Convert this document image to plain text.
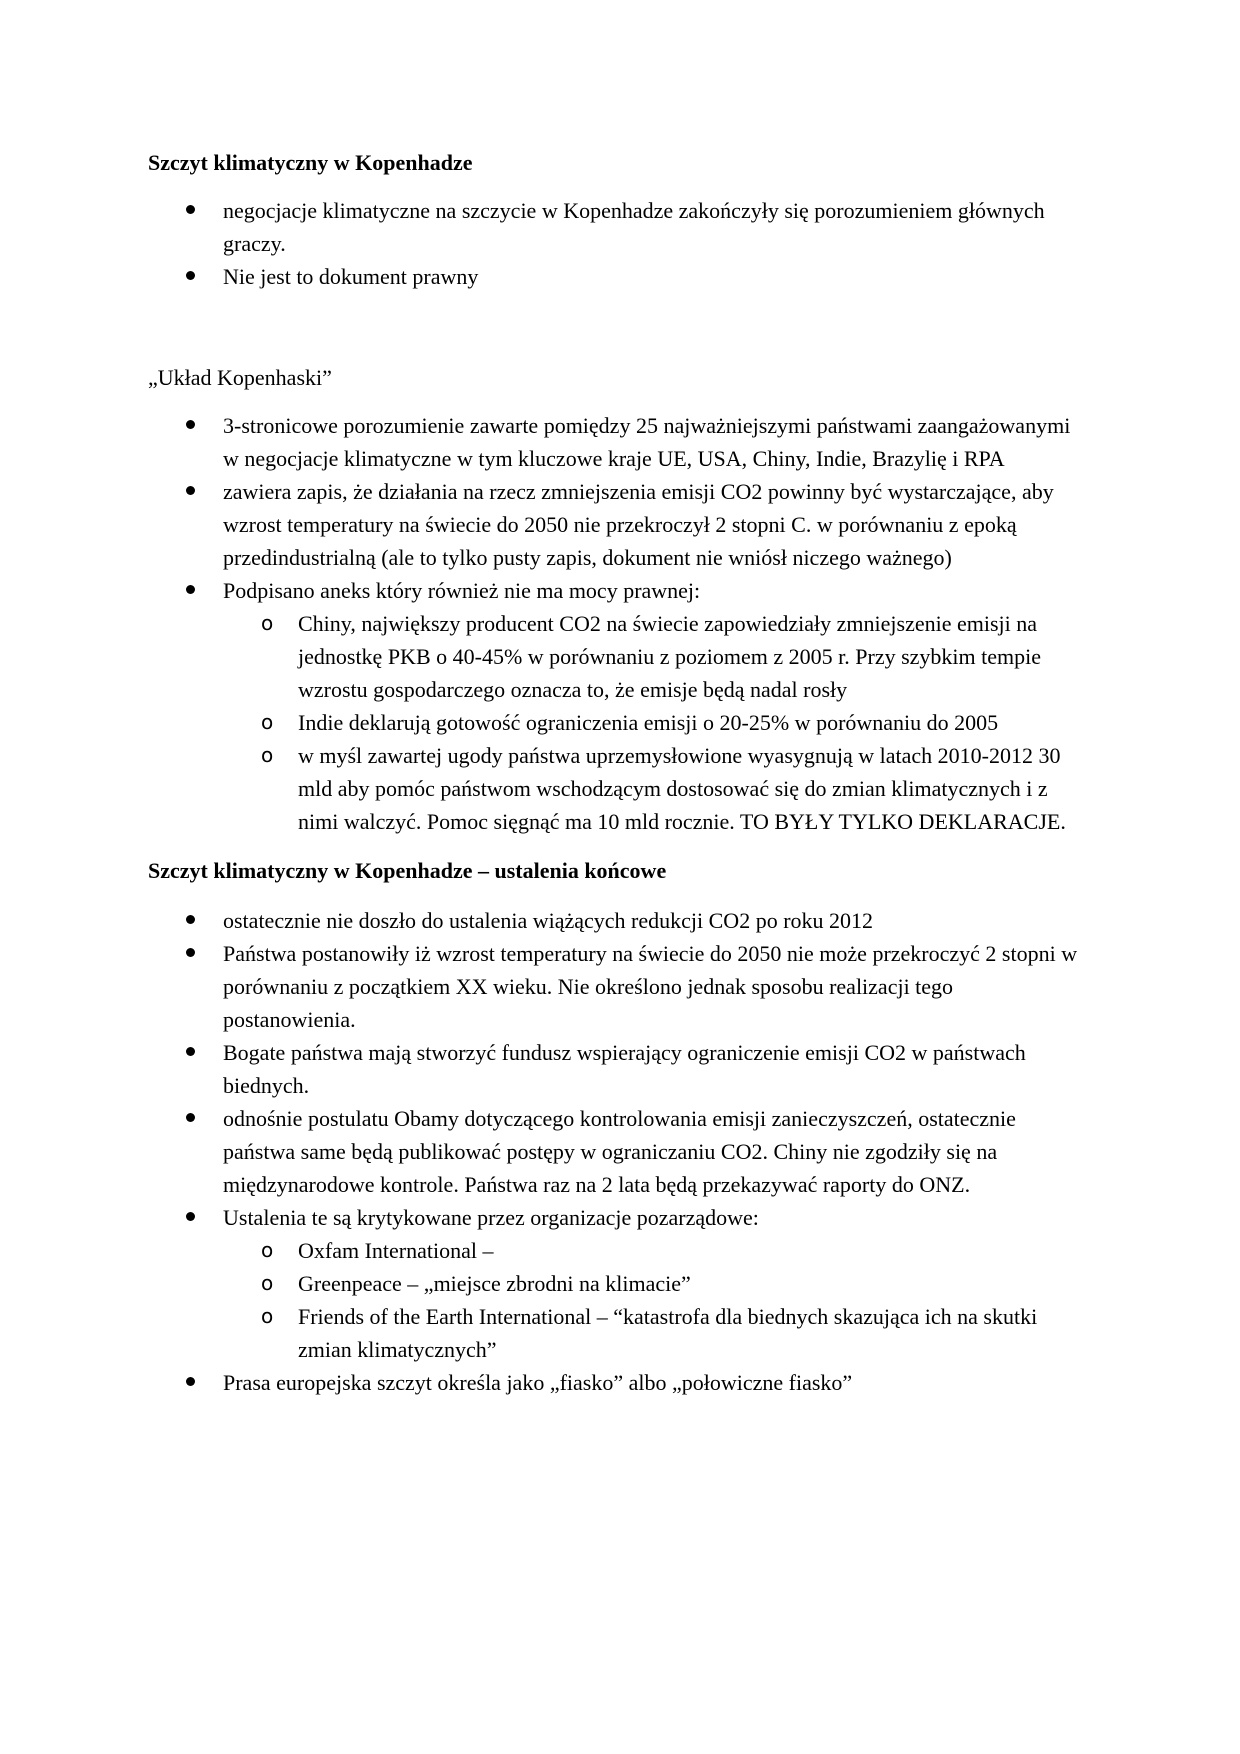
Szczyt klimatyczny w Kopenhadze
negocjacje klimatyczne na szczycie w Kopenhadze zakończyły się porozumieniem głównych graczy.
Nie jest to dokument prawny

„Układ Kopenhaski”

3-stronicowe porozumienie zawarte pomiędzy 25 najważniejszymi państwami zaangażowanymi w negocjacje klimatyczne w tym kluczowe kraje UE, USA, Chiny, Indie, Brazylię i RPA
zawiera zapis, że działania na rzecz zmniejszenia emisji CO2 powinny być wystarczające, aby wzrost temperatury na świecie do 2050 nie przekroczył 2 stopni C. w porównaniu z epoką przedindustrialną (ale to tylko pusty zapis, dokument nie wniósł niczego ważnego)
Podpisano aneks który również nie ma mocy prawnej:
o Chiny, największy producent CO2 na świecie zapowiedziały zmniejszenie emisji na jednostkę PKB o 40-45% w porównaniu z poziomem z 2005 r. Przy szybkim tempie wzrostu gospodarczego oznacza to, że emisje będą nadal rosły
o Indie deklarują gotowość ograniczenia emisji o 20-25% w porównaniu do 2005
o w myśl zawartej ugody państwa uprzemysłowione wyasygnują w latach 2010-2012 30 mld aby pomóc państwom wschodzącym dostosować się do zmian klimatycznych i z nimi walczyć. Pomoc sięgnąć ma 10 mld rocznie. TO BYŁY TYLKO DEKLARACJE.
Szczyt klimatyczny w Kopenhadze – ustalenia końcowe
ostatecznie nie doszło do ustalenia wiążących redukcji CO2 po roku 2012
Państwa postanowiły iż wzrost temperatury na świecie do 2050 nie może przekroczyć 2 stopni w porównaniu z początkiem XX wieku. Nie określono jednak sposobu realizacji tego postanowienia.
Bogate państwa mają stworzyć fundusz wspierający ograniczenie emisji CO2 w państwach biednych.
odnośnie postulatu Obamy dotyczącego kontrolowania emisji zanieczyszczeń, ostatecznie państwa same będą publikować postępy w ograniczaniu CO2. Chiny nie zgodziły się na międzynarodowe kontrole. Państwa raz na 2 lata będą przekazywać raporty do ONZ.
Ustalenia te są krytykowane przez organizacje pozarządowe:
o Oxfam International –
o Greenpeace – „miejsce zbrodni na klimacie”
o Friends of the Earth International – “katastrofa dla biednych skazująca ich na skutki zmian klimatycznych”
Prasa europejska szczyt określa jako „fiasko” albo „połowiczne fiasko”
